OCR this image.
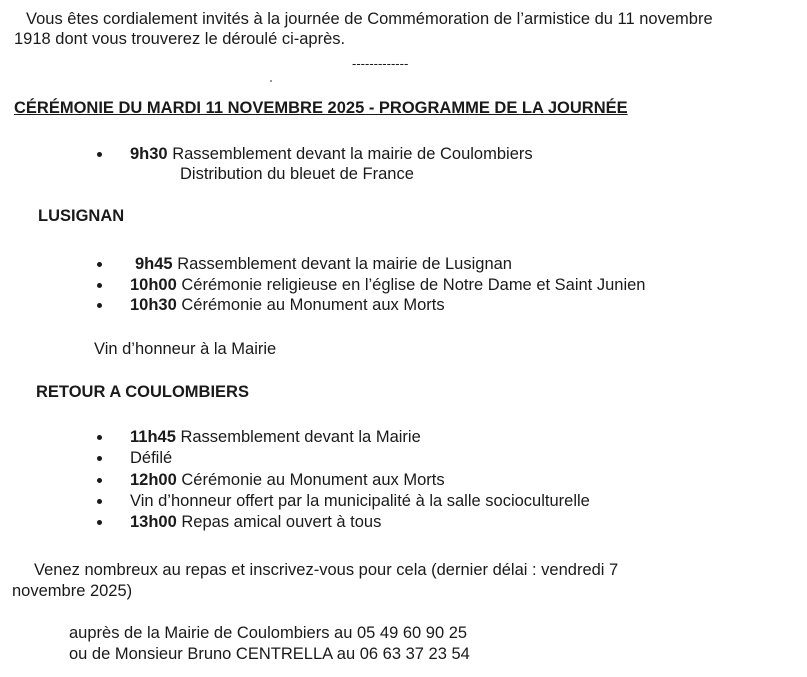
Vous êtes cordialement invités à la journée de Commémoration de l’armistice du 11 novembre
1918 dont vous trouverez le déroulé ci-après.
-------------
CÉRÉMONIE DU MARDI 11 NOVEMBRE 2025 - PROGRAMME DE LA JOURNÉE
9h30 Rassemblement devant la mairie de Coulombiers
Distribution du bleuet de France
LUSIGNAN
9h45 Rassemblement devant la mairie de Lusignan
10h00 Cérémonie religieuse en l’église de Notre Dame et Saint Junien
10h30 Cérémonie au Monument aux Morts
Vin d’honneur à la Mairie
RETOUR A COULOMBIERS
11h45 Rassemblement devant la Mairie
Défilé
12h00 Cérémonie au Monument aux Morts
Vin d’honneur offert par la municipalité à la salle socioculturelle
13h00 Repas amical ouvert à tous
Venez nombreux au repas et inscrivez-vous pour cela (dernier délai : vendredi 7
novembre 2025)
auprès de la Mairie de Coulombiers au 05 49 60 90 25
ou de Monsieur Bruno CENTRELLA au 06 63 37 23 54
